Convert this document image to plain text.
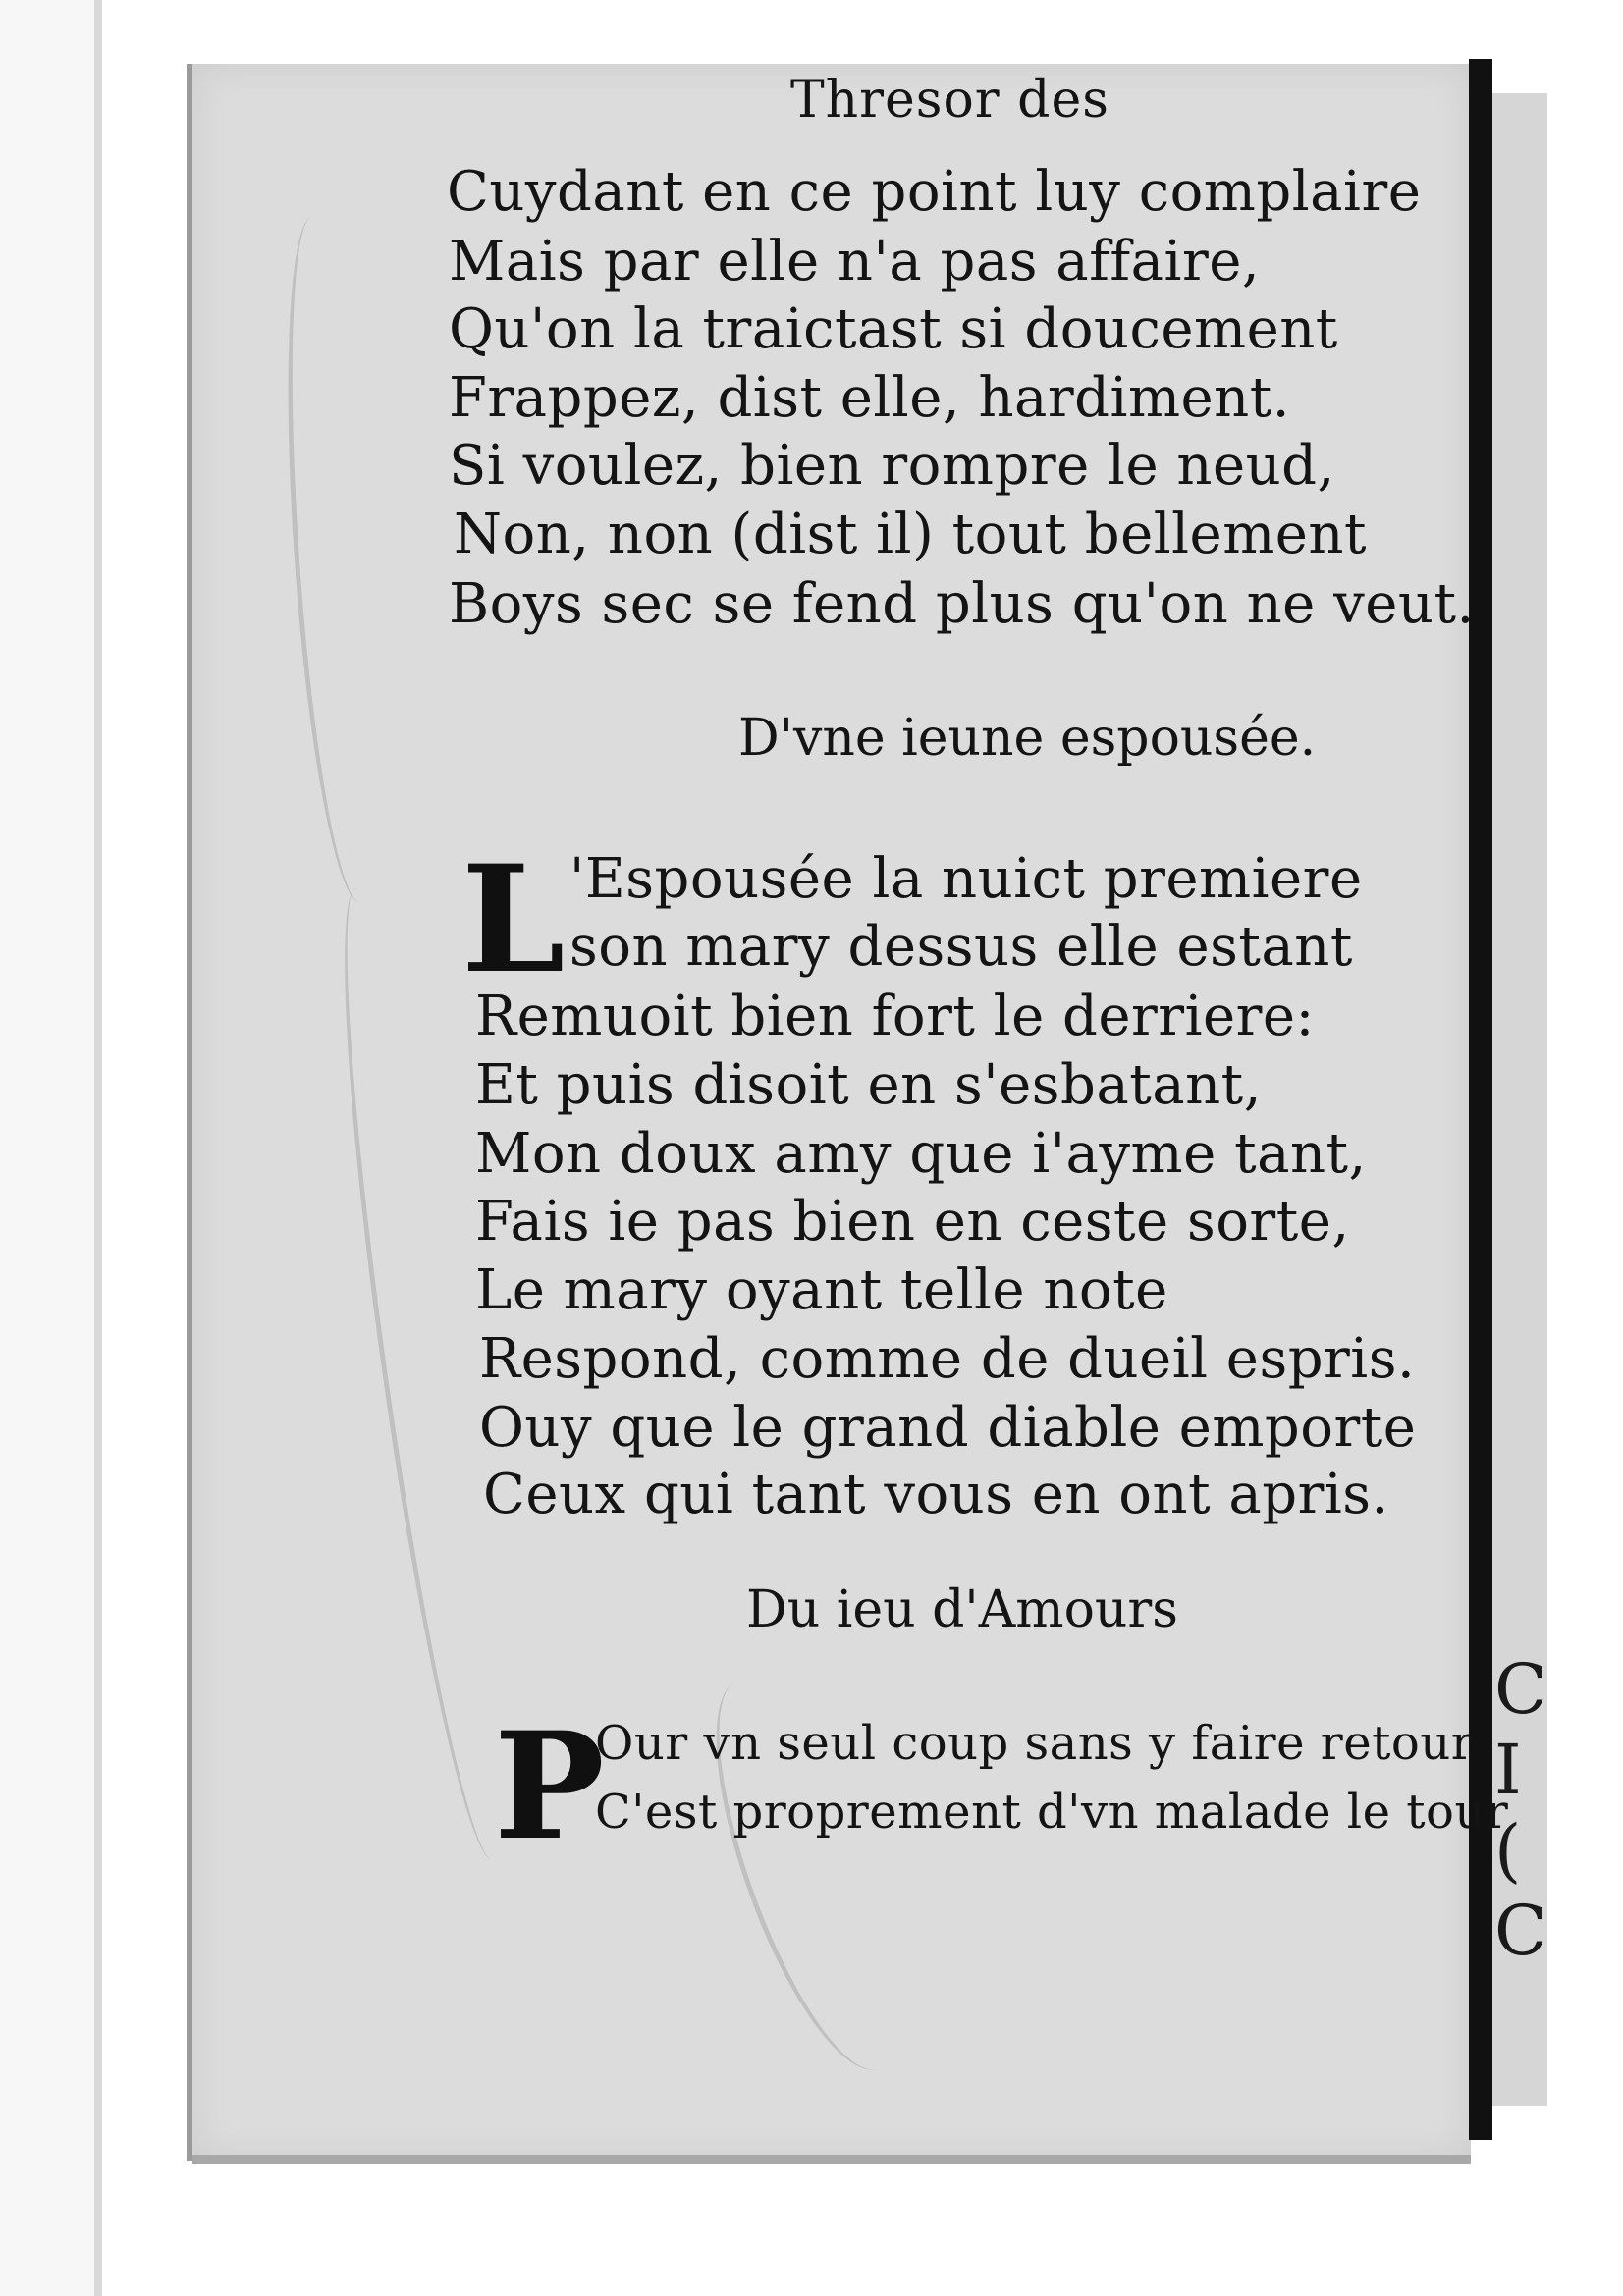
C
I
(
C
Thresor des
Cuydant en ce point luy complaire
Mais par elle n'a pas affaire,
Qu'on la traictast si doucement
Frappez, dist elle, hardiment.
Si voulez, bien rompre le neud,
Non, non (dist il) tout bellement
Boys sec se fend plus qu'on ne veut.
D'vne ieune espousée.
L 'Espousée la nuict premiere
son mary dessus elle estant
Remuoit bien fort le derriere:
Et puis disoit en s'esbatant,
Mon doux amy que i'ayme tant,
Fais ie pas bien en ceste sorte,
Le mary oyant telle note
Respond, comme de dueil espris.
Ouy que le grand diable emporte
Ceux qui tant vous en ont apris.
Du ieu d'Amours
P
Our vn seul coup sans y faire retour
C'est proprement d'vn malade le tour
